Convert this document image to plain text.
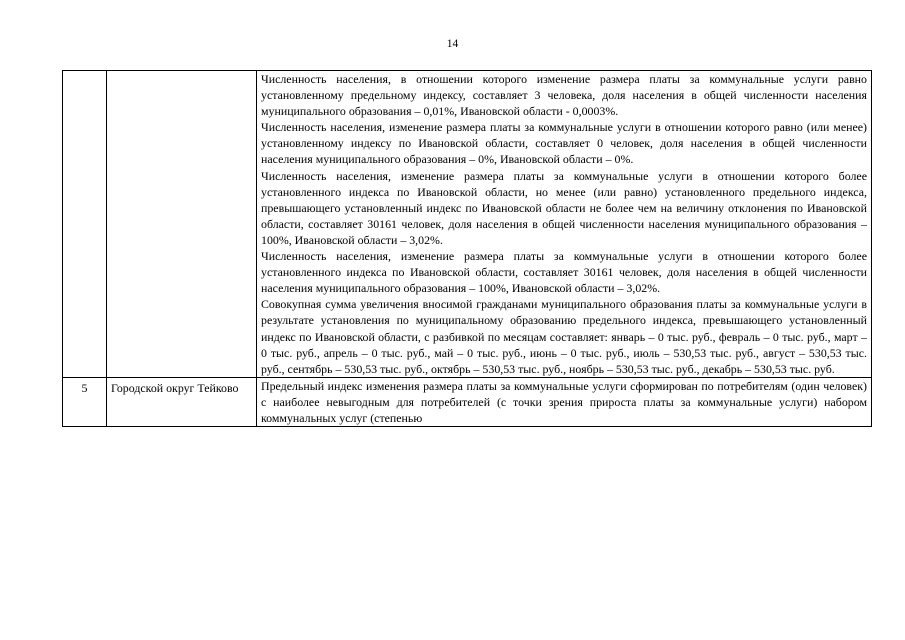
14

		Численность населения, в отношении которого изменение размера платы за коммунальные услуги равно установленному предельному индексу, составляет 3 человека, доля населения в общей численности населения муниципального образования – 0,01%, Ивановской области - 0,0003%.

Численность населения, изменение размера платы за коммунальные услуги в отношении которого равно (или менее) установленному индексу по Ивановской области, составляет 0 человек, доля населения в общей численности населения муниципального образования – 0%, Ивановской области – 0%.

Численность населения, изменение размера платы за коммунальные услуги в отношении которого более установленного индекса по Ивановской области, но менее (или равно) установленного предельного индекса, превышающего установленный индекс по Ивановской области не более чем на величину отклонения по Ивановской области, составляет 30161 человек, доля населения в общей численности населения муниципального образования – 100%, Ивановской области – 3,02%.

Численность населения, изменение размера платы за коммунальные услуги в отношении которого более установленного индекса по Ивановской области, составляет 30161 человек, доля населения в общей численности населения муниципального образования – 100%, Ивановской области – 3,02%.

Совокупная сумма увеличения вносимой гражданами муниципального образования платы за коммунальные услуги в результате установления по муниципальному образованию предельного индекса, превышающего установленный индекс по Ивановской области, с разбивкой по месяцам составляет: январь – 0 тыс. руб., февраль – 0 тыс. руб., март – 0 тыс. руб., апрель – 0 тыс. руб., май – 0 тыс. руб., июнь – 0 тыс. руб., июль – 530,53 тыс. руб., август – 530,53 тыс. руб., сентябрь – 530,53 тыс. руб., октябрь – 530,53 тыс. руб., ноябрь – 530,53 тыс. руб., декабрь – 530,53 тыс. руб.

5	Городской округ Тейково	Предельный индекс изменения размера платы за коммунальные услуги сформирован по потребителям (один человек) с наиболее невыгодным для потребителей (с точки зрения прироста платы за коммунальные услуги) набором коммунальных услуг (степенью
